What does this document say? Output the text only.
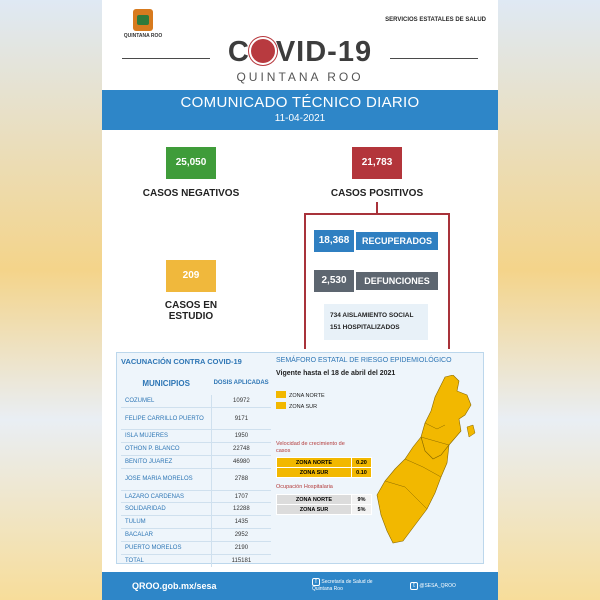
QUINTANA ROO
SERVICIOS ESTATALES DE SALUD
C VID-19
QUINTANA ROO
COMUNICADO TÉCNICO DIARIO
11-04-2021
25,050
CASOS NEGATIVOS
21,783
CASOS POSITIVOS
209
CASOS EN ESTUDIO
18,368	RECUPERADOS
2,530	DEFUNCIONES
734 AISLAMIENTO SOCIAL
151 HOSPITALIZADOS
VACUNACIÓN CONTRA COVID-19	SEMÁFORO ESTATAL DE RIESGO EPIDEMIOLÓGICO
Vigente hasta el 18 de abril del 2021
MUNICIPIOS	DOSIS APLICADAS
COZUMEL	10972
FELIPE CARRILLO PUERTO	9171
ISLA MUJERES	1950
OTHON P. BLANCO	22748
BENITO JUAREZ	46980
JOSE MARIA MORELOS	2788
LAZARO CARDENAS	1707
SOLIDARIDAD	12288
TULUM	1435
BACALAR	2952
PUERTO MORELOS	2190
TOTAL	115181
ZONA NORTE
ZONA SUR
Velocidad de crecimiento de casos
ZONA NORTE	0.20
ZONA SUR	0.10
Ocupación Hospitalaria
ZONA NORTE	9%
ZONA SUR	5%
QROO.gob.mx/sesa	f Secretaría de Salud de Quintana Roo	t @SESA_QROO
